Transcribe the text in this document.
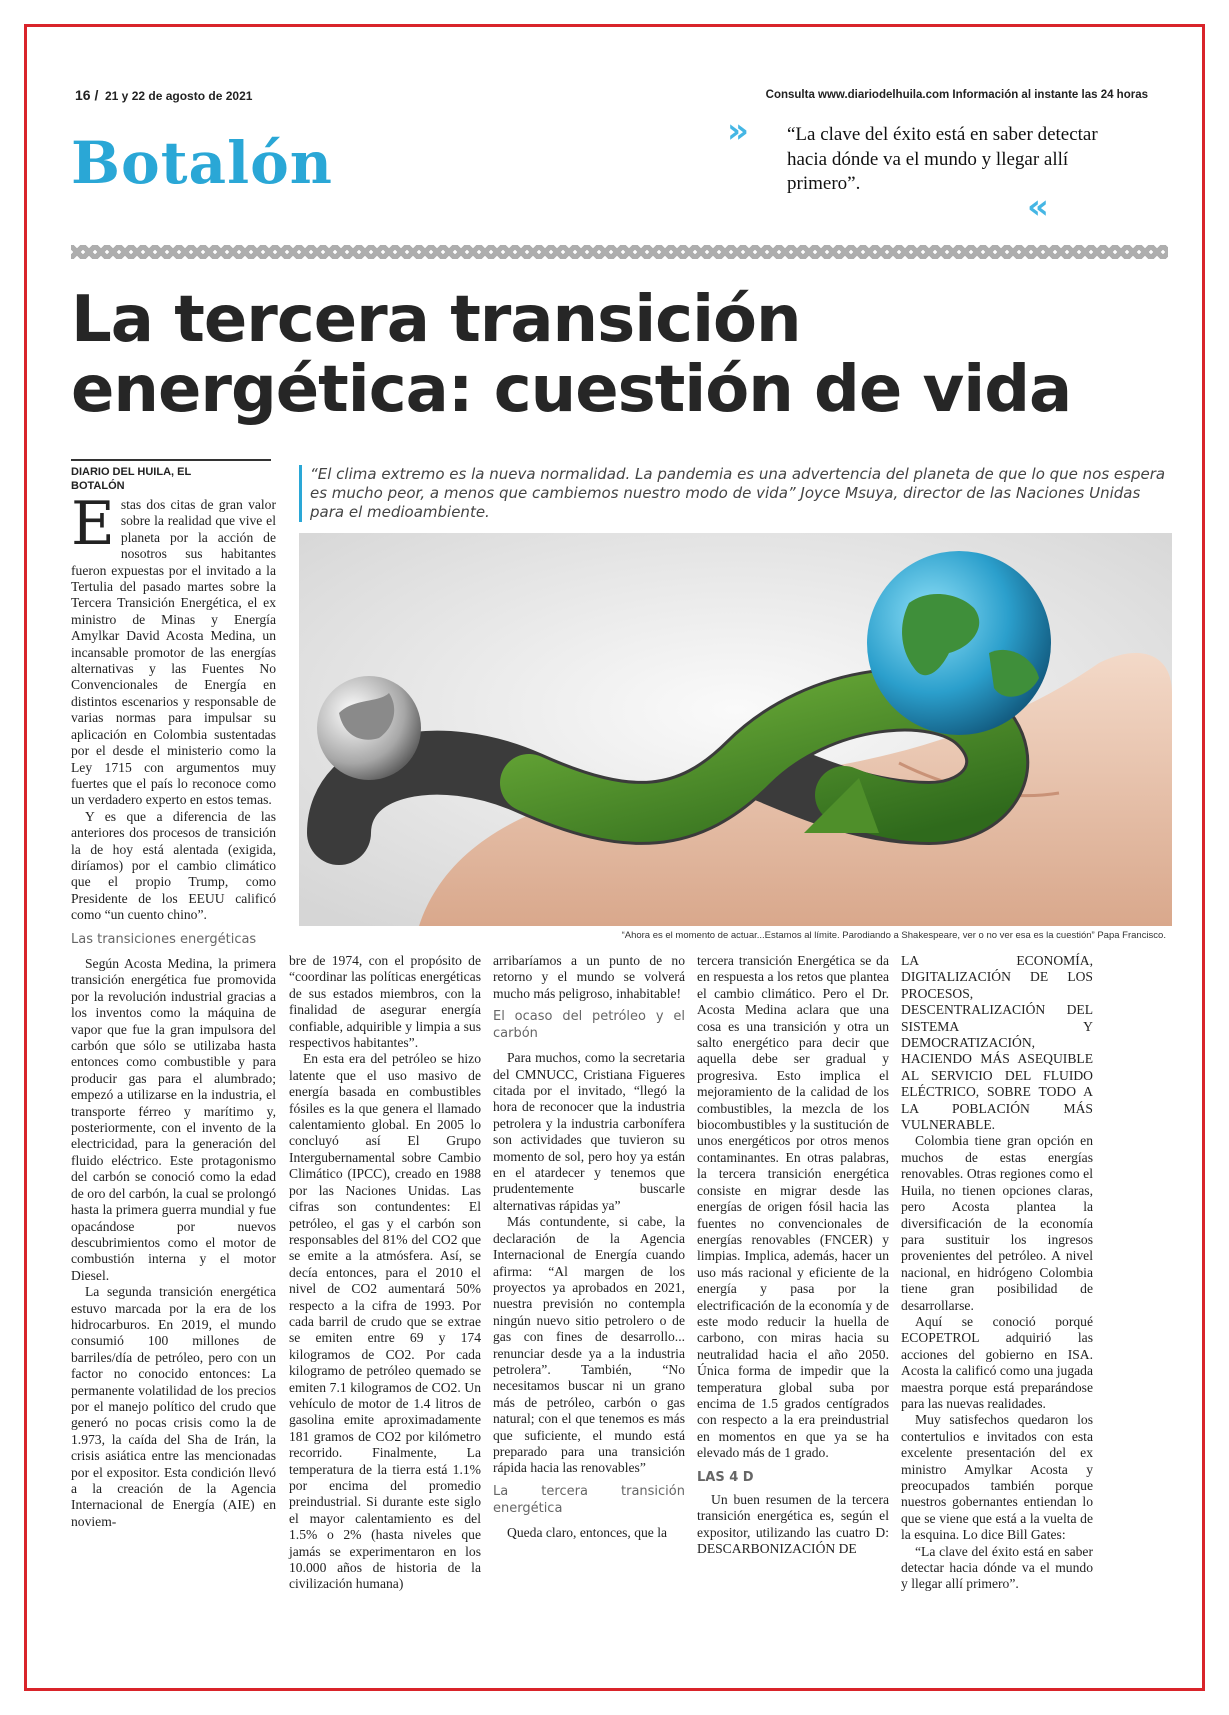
16 / 21 y 22 de agosto de 2021	Consulta www.diariodelhuila.com Información al instante las 24 horas
Botalón	» “La clave del éxito está en saber detectar hacia dónde va el mundo y llegar allí primero”.
«
La tercera transición
energética: cuestión de vida
DIARIO DEL HUILA, EL
BOTALÓN
“El clima extremo es la nueva normalidad. La pandemia es una advertencia del planeta de que lo que nos espera es mucho peor, a menos que cambiemos nuestro modo de vida” Joyce Msuya, director de las Naciones Unidas para el medioambiente.
“Ahora es el momento de actuar...Estamos al límite. Parodiando a Shakespeare, ver o no ver esa es la cuestión” Papa Francisco.

Estas dos citas de gran valor sobre la realidad que vive el planeta por la acción de nosotros sus habitantes fueron expuestas por el invitado a la Tertulia del pasado martes sobre la Tercera Transición Energética, el ex ministro de Minas y Energía Amylkar David Acosta Medina, un incansable promotor de las energías alternativas y las Fuentes No Convencionales de Energía en distintos escenarios y responsable de varias normas para impulsar su aplicación en Colombia sustentadas por el desde el ministerio como la Ley 1715 con argumentos muy fuertes que el país lo reconoce como un verdadero experto en estos temas.

Y es que a diferencia de las anteriores dos procesos de transición la de hoy está alentada (exigida, diríamos) por el cambio climático que el propio Trump, como Presidente de los EEUU calificó como “un cuento chino”.

Las transiciones energéticas

Según Acosta Medina, la primera transición energética fue promovida por la revolución industrial gracias a los inventos como la máquina de vapor que fue la gran impulsora del carbón que sólo se utilizaba hasta entonces como combustible y para producir gas para el alumbrado; empezó a utilizarse en la industria, el transporte férreo y marítimo y, posteriormente, con el invento de la electricidad, para la generación del fluido eléctrico. Este protagonismo del carbón se conoció como la edad de oro del carbón, la cual se prolongó hasta la primera guerra mundial y fue opacándose por nuevos descubrimientos como el motor de combustión interna y el motor Diesel.

La segunda transición energética estuvo marcada por la era de los hidrocarburos. En 2019, el mundo consumió 100 millones de barriles/día de petróleo, pero con un factor no conocido entonces: La permanente volatilidad de los precios por el manejo político del crudo que generó no pocas crisis como la de 1.973, la caída del Sha de Irán, la crisis asiática entre las mencionadas por el expositor. Esta condición llevó a la creación de la Agencia Internacional de Energía (AIE) en noviem-

bre de 1974, con el propósito de “coordinar las políticas energéticas de sus estados miembros, con la finalidad de asegurar energía confiable, adquirible y limpia a sus respectivos habitantes”.

En esta era del petróleo se hizo latente que el uso masivo de energía basada en combustibles fósiles es la que genera el llamado calentamiento global. En 2005 lo concluyó así El Grupo Intergubernamental sobre Cambio Climático (IPCC), creado en 1988 por las Naciones Unidas. Las cifras son contundentes: El petróleo, el gas y el carbón son responsables del 81% del CO2 que se emite a la atmósfera. Así, se decía entonces, para el 2010 el nivel de CO2 aumentará 50% respecto a la cifra de 1993. Por cada barril de crudo que se extrae se emiten entre 69 y 174 kilogramos de CO2. Por cada kilogramo de petróleo quemado se emiten 7.1 kilogramos de CO2. Un vehículo de motor de 1.4 litros de gasolina emite aproximadamente 181 gramos de CO2 por kilómetro recorrido. Finalmente, La temperatura de la tierra está 1.1% por encima del promedio preindustrial. Si durante este siglo el mayor calentamiento es del 1.5% o 2% (hasta niveles que jamás se experimentaron en los 10.000 años de historia de la civilización humana)

arribaríamos a un punto de no retorno y el mundo se volverá mucho más peligroso, inhabitable!

El ocaso del petróleo y el carbón

Para muchos, como la secretaria del CMNUCC, Cristiana Figueres citada por el invitado, “llegó la hora de reconocer que la industria petrolera y la industria carbonífera son actividades que tuvieron su momento de sol, pero hoy ya están en el atardecer y tenemos que prudentemente buscarle alternativas rápidas ya”

Más contundente, si cabe, la declaración de la Agencia Internacional de Energía cuando afirma: “Al margen de los proyectos ya aprobados en 2021, nuestra previsión no contempla ningún nuevo sitio petrolero o de gas con fines de desarrollo... renunciar desde ya a la industria petrolera”. También, “No necesitamos buscar ni un grano más de petróleo, carbón o gas natural; con el que tenemos es más que suficiente, el mundo está preparado para una transición rápida hacia las renovables”

La tercera transición energética

Queda claro, entonces, que la

tercera transición Energética se da en respuesta a los retos que plantea el cambio climático. Pero el Dr. Acosta Medina aclara que una cosa es una transición y otra un salto energético para decir que aquella debe ser gradual y progresiva. Esto implica el mejoramiento de la calidad de los combustibles, la mezcla de los biocombustibles y la sustitución de unos energéticos por otros menos contaminantes. En otras palabras, la tercera transición energética consiste en migrar desde las energías de origen fósil hacia las fuentes no convencionales de energías renovables (FNCER) y limpias. Implica, además, hacer un uso más racional y eficiente de la energía y pasa por la electrificación de la economía y de este modo reducir la huella de carbono, con miras hacia su neutralidad hacia el año 2050. Única forma de impedir que la temperatura global suba por encima de 1.5 grados centígrados con respecto a la era preindustrial en momentos en que ya se ha elevado más de 1 grado.

LAS 4 D

Un buen resumen de la tercera transición energética es, según el expositor, utilizando las cuatro D: DESCARBONIZACIÓN DE

LA ECONOMÍA, DIGITALIZACIÓN DE LOS PROCESOS, DESCENTRALIZACIÓN DEL SISTEMA Y DEMOCRATIZACIÓN, HACIENDO MÁS ASEQUIBLE AL SERVICIO DEL FLUIDO ELÉCTRICO, SOBRE TODO A LA POBLACIÓN MÁS VULNERABLE.

Colombia tiene gran opción en muchos de estas energías renovables. Otras regiones como el Huila, no tienen opciones claras, pero Acosta plantea la diversificación de la economía para sustituir los ingresos provenientes del petróleo. A nivel nacional, en hidrógeno Colombia tiene gran posibilidad de desarrollarse.

Aquí se conoció porqué ECOPETROL adquirió las acciones del gobierno en ISA. Acosta la calificó como una jugada maestra porque está preparándose para las nuevas realidades.

Muy satisfechos quedaron los contertulios e invitados con esta excelente presentación del ex ministro Amylkar Acosta y preocupados también porque nuestros gobernantes entiendan lo que se viene que está a la vuelta de la esquina. Lo dice Bill Gates:

“La clave del éxito está en saber detectar hacia dónde va el mundo y llegar allí primero”.
